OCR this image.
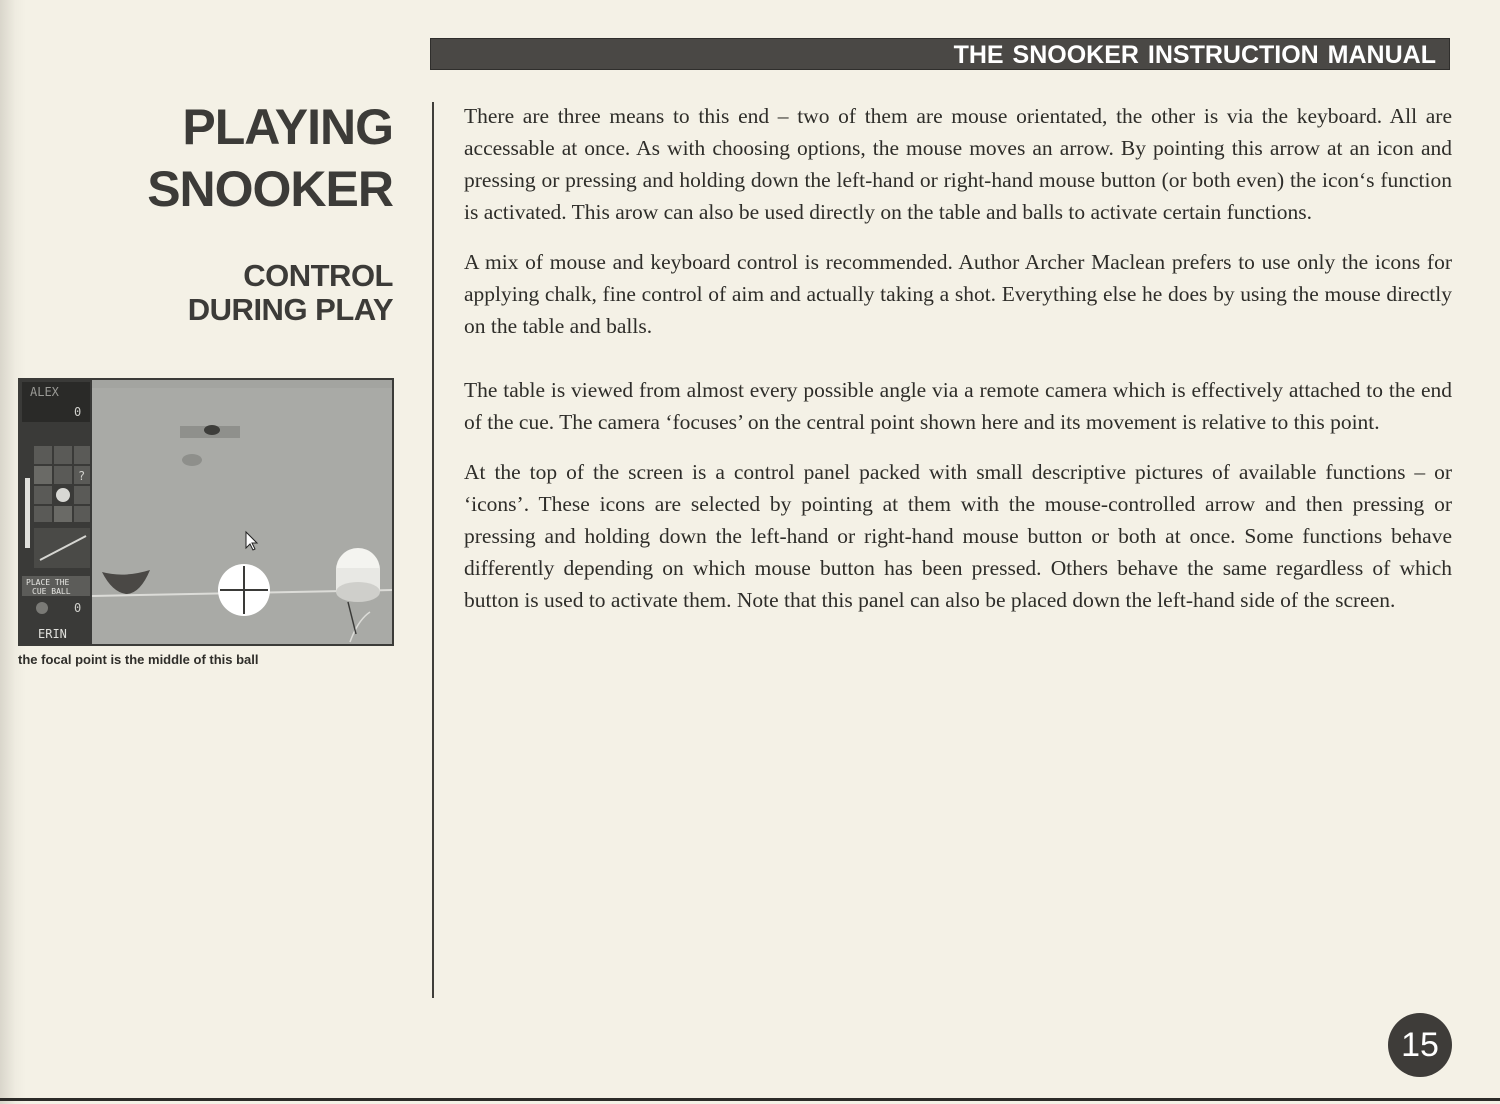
THE SNOOKER INSTRUCTION MANUAL
PLAYING
SNOOKER
CONTROL
DURING PLAY
ALEX
0
?
PLACE THE
CUE BALL
0
ERIN
the focal point is the middle of this ball

There are three means to this end – two of them are mouse orientated, the other is via the keyboard. All are accessable at once. As with choosing options, the mouse moves an arrow. By pointing this arrow at an icon and pressing or pressing and holding down the left-hand or right-hand mouse button (or both even) the icon‘s function is activated. This arow can also be used directly on the table and balls to activate certain functions.

A mix of mouse and keyboard control is recommended. Author Archer Maclean prefers to use only the icons for applying chalk, fine control of aim and actually taking a shot. Everything else he does by using the mouse directly on the table and balls.

The table is viewed from almost every possible angle via a remote camera which is effectively attached to the end of the cue. The camera ‘focuses’ on the central point shown here and its movement is relative to this point.

At the top of the screen is a control panel packed with small descriptive pictures of available functions – or ‘icons’. These icons are selected by pointing at them with the mouse-controlled arrow and then pressing or pressing and holding down the left-hand or right-hand mouse button or both at once. Some functions behave differently depending on which mouse button has been pressed. Others behave the same regardless of which button is used to activate them. Note that this panel can also be placed down the left-hand side of the screen.

15
